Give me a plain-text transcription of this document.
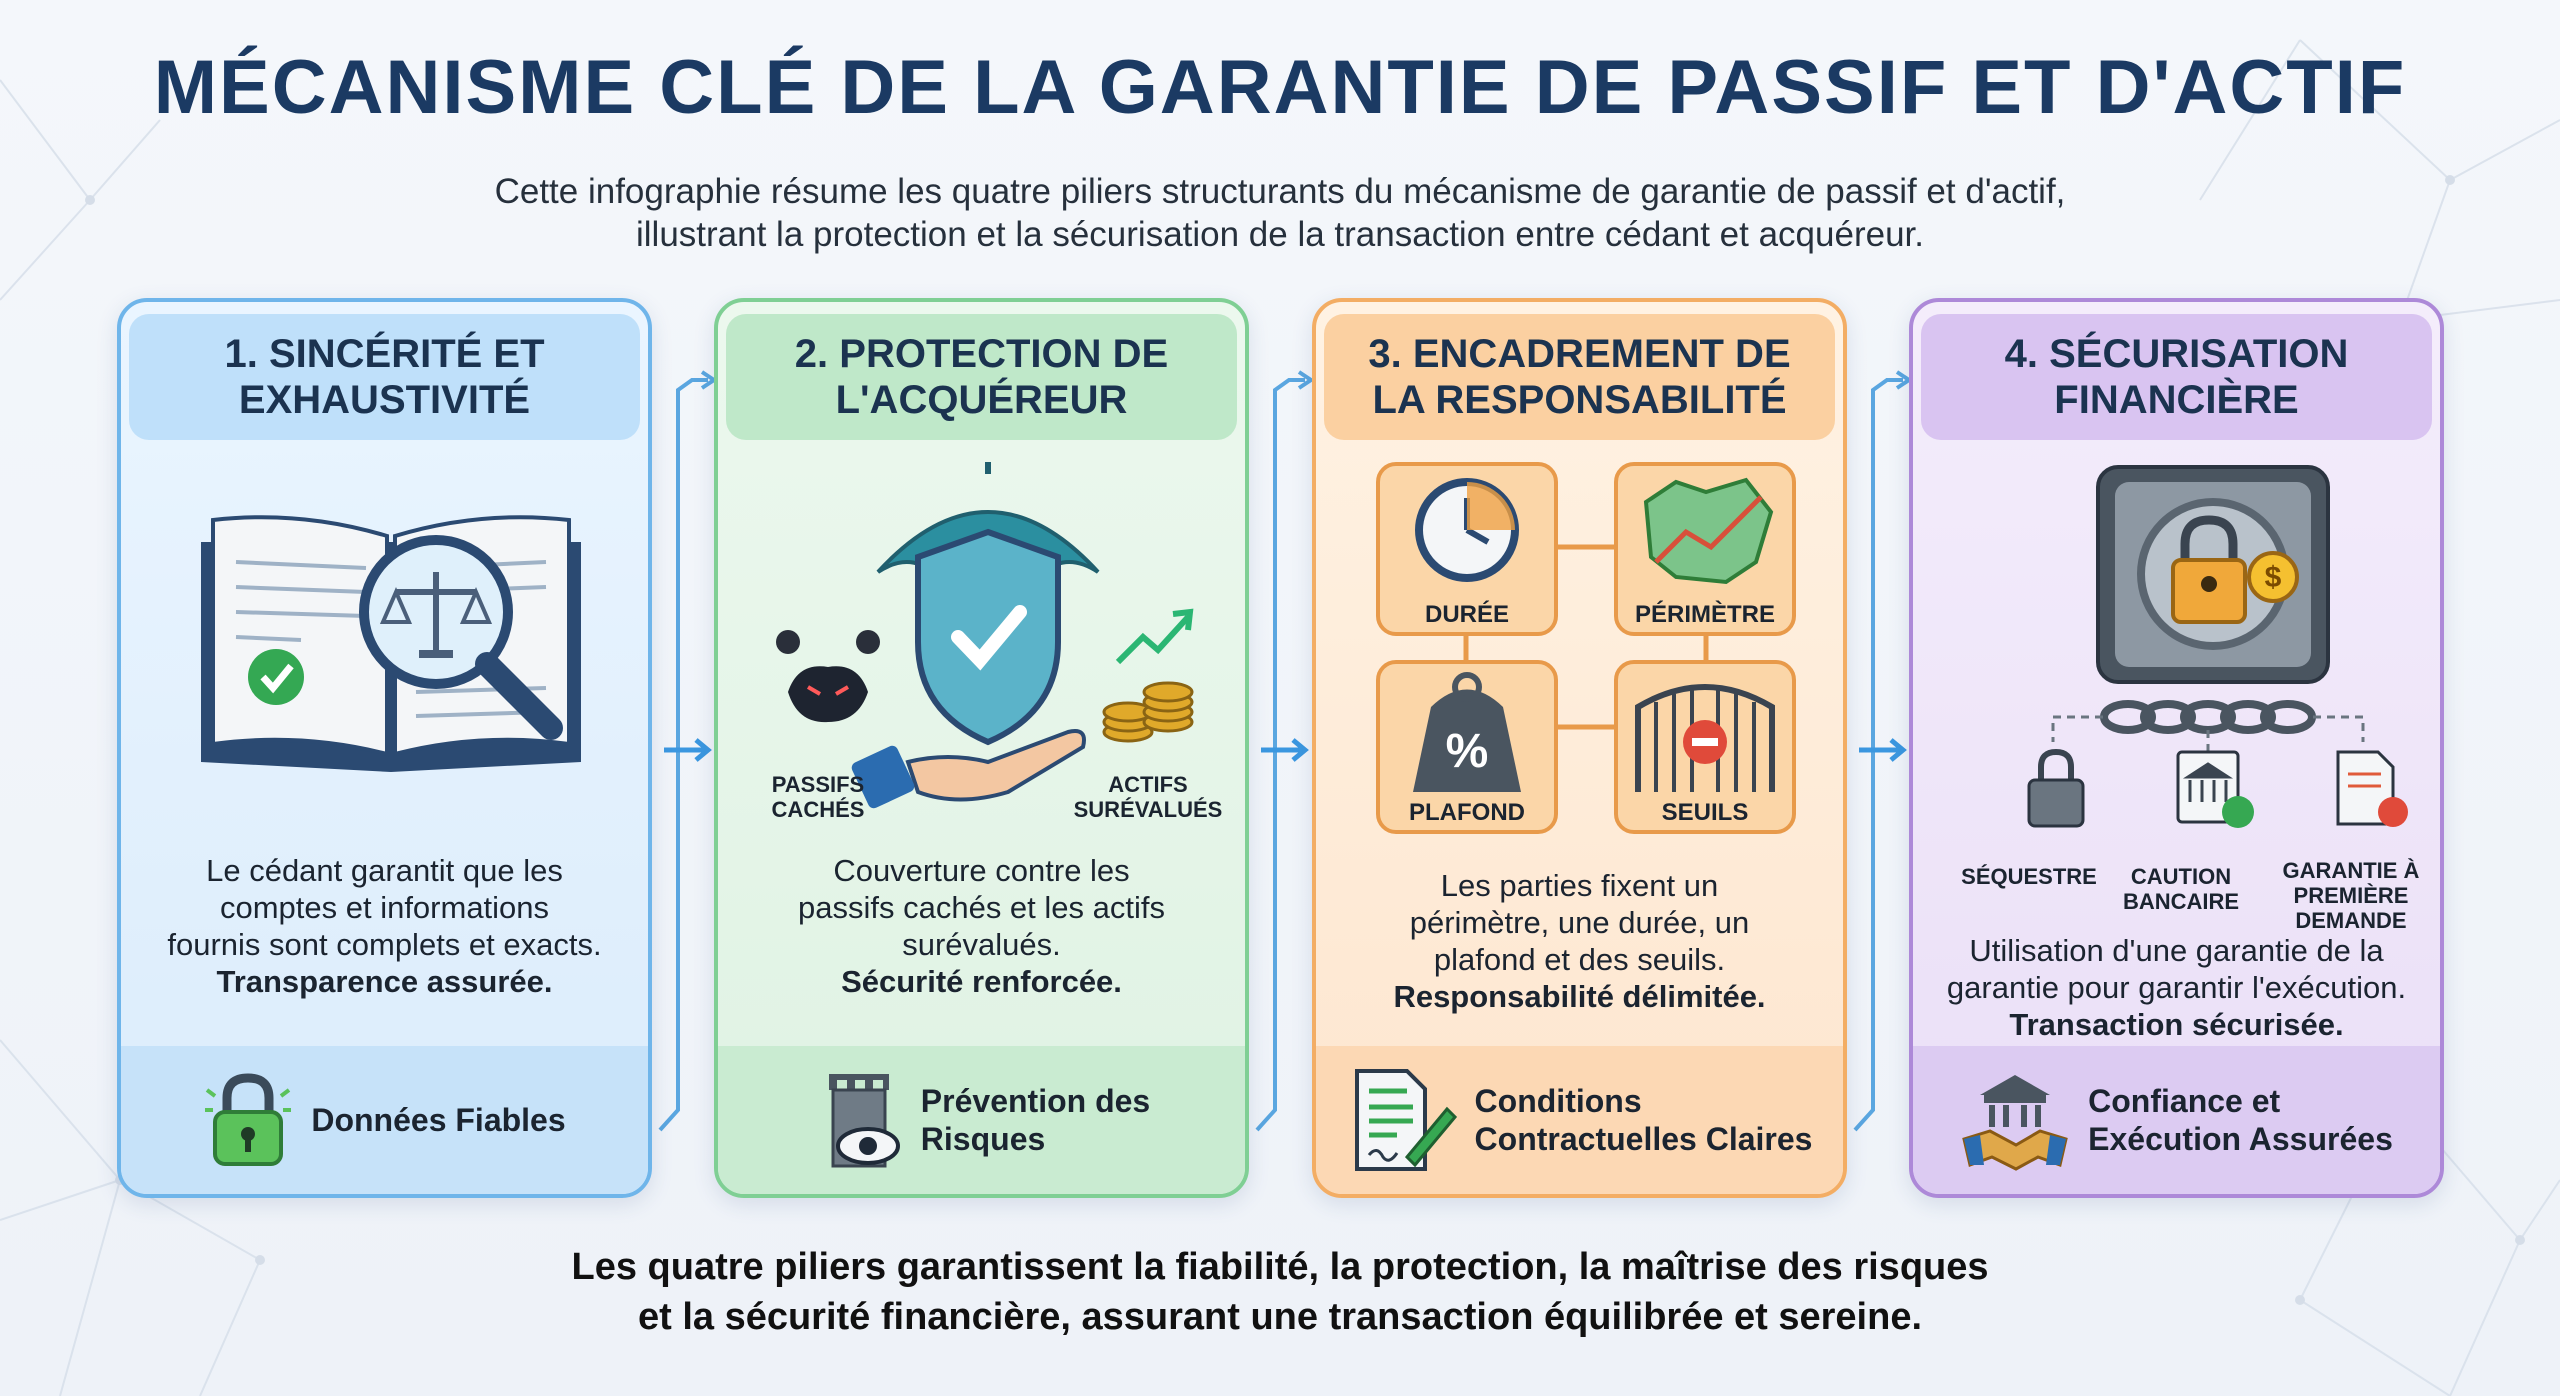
MÉCANISME CLÉ DE LA GARANTIE DE PASSIF ET D'ACTIF
Cette infographie résume les quatre piliers structurants du mécanisme de garantie de passif et d'actif,
illustrant la protection et la sécurisation de la transaction entre cédant et acquéreur.
1. SINCÉRITÉ ET
EXHAUSTIVITÉ
Le cédant garantit que les
comptes et informations
fournis sont complets et exacts.
Transparence assurée.
Données Fiables
2. PROTECTION DE
L'ACQUÉREUR
PASSIFS
CACHÉS
ACTIFS
SURÉVALUÉS
Couverture contre les
passifs cachés et les actifs
surévalués.
Sécurité renforcée.
Prévention des
Risques
3. ENCADREMENT DE
LA RESPONSABILITÉ
%
DURÉE	PÉRIMÈTRE
PLAFOND	SEUILS
Les parties fixent un
périmètre, une durée, un
plafond et des seuils.
Responsabilité délimitée.
Conditions
Contractuelles Claires
4. SÉCURISATION
FINANCIÈRE
$
SÉQUESTRE	CAUTION
BANCAIRE
GARANTIE À
PREMIÈRE
DEMANDE
Utilisation d'une garantie de la
garantie pour garantir l'exécution.
Transaction sécurisée.
Confiance et
Exécution Assurées
Les quatre piliers garantissent la fiabilité, la protection, la maîtrise des risques
et la sécurité financière, assurant une transaction équilibrée et sereine.
